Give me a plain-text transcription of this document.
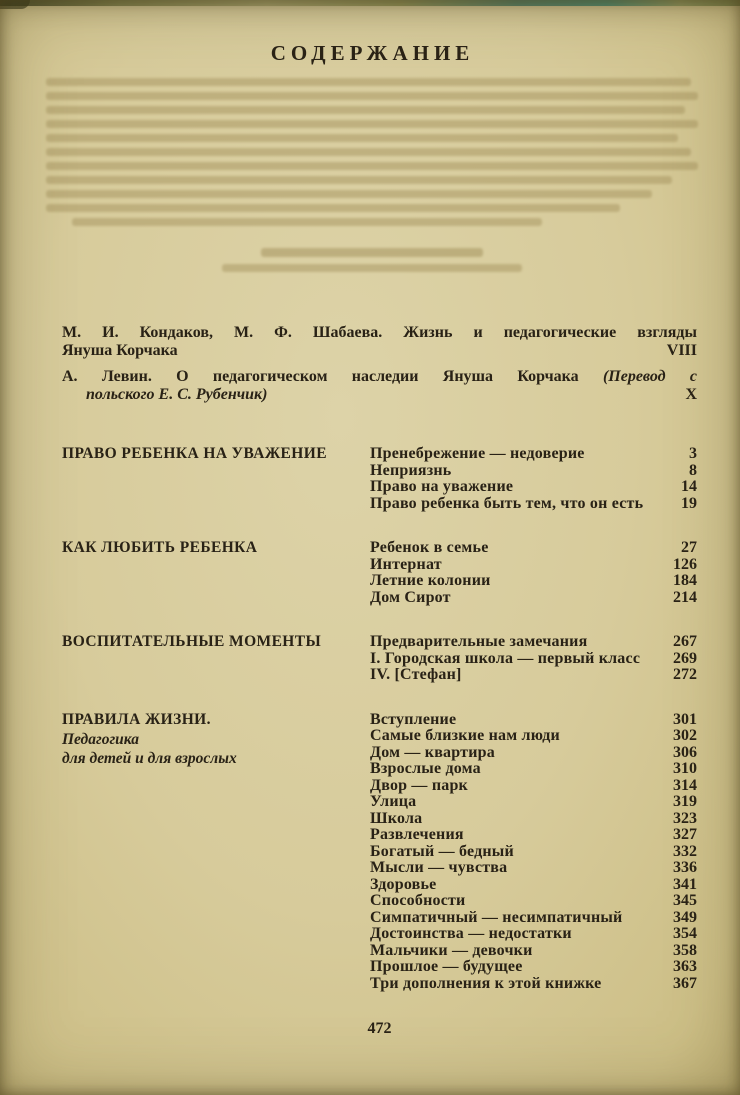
СОДЕРЖАНИЕ
М. И. Кондаков, М. Ф. Шабаева. Жизнь и педагогические взгляды
Януша Корчака	VIII
А. Левин. О педагогическом наследии Януша Корчака (Перевод с
польского Е. С. Рубенчик)	X
ПРАВО РЕБЕНКА НА УВАЖЕНИЕ	Пренебрежение — недоверие	3
Неприязнь	8
Право на уважение	14
Право ребенка быть тем, что он есть	19
КАК ЛЮБИТЬ РЕБЕНКА	Ребенок в семье	27
Интернат	126
Летние колонии	184
Дом Сирот	214
ВОСПИТАТЕЛЬНЫЕ МОМЕНТЫ	Предварительные замечания	267
I. Городская школа — первый класс	269
IV. [Стефан]	272
ПРАВИЛА ЖИЗНИ.
Педагогика
для детей и для взрослых
Вступление	301
Самые близкие нам люди	302
Дом — квартира	306
Взрослые дома	310
Двор — парк	314
Улица	319
Школа	323
Развлечения	327
Богатый — бедный	332
Мысли — чувства	336
Здоровье	341
Способности	345
Симпатичный — несимпатичный	349
Достоинства — недостатки	354
Мальчики — девочки	358
Прошлое — будущее	363
Три дополнения к этой книжке	367
472
